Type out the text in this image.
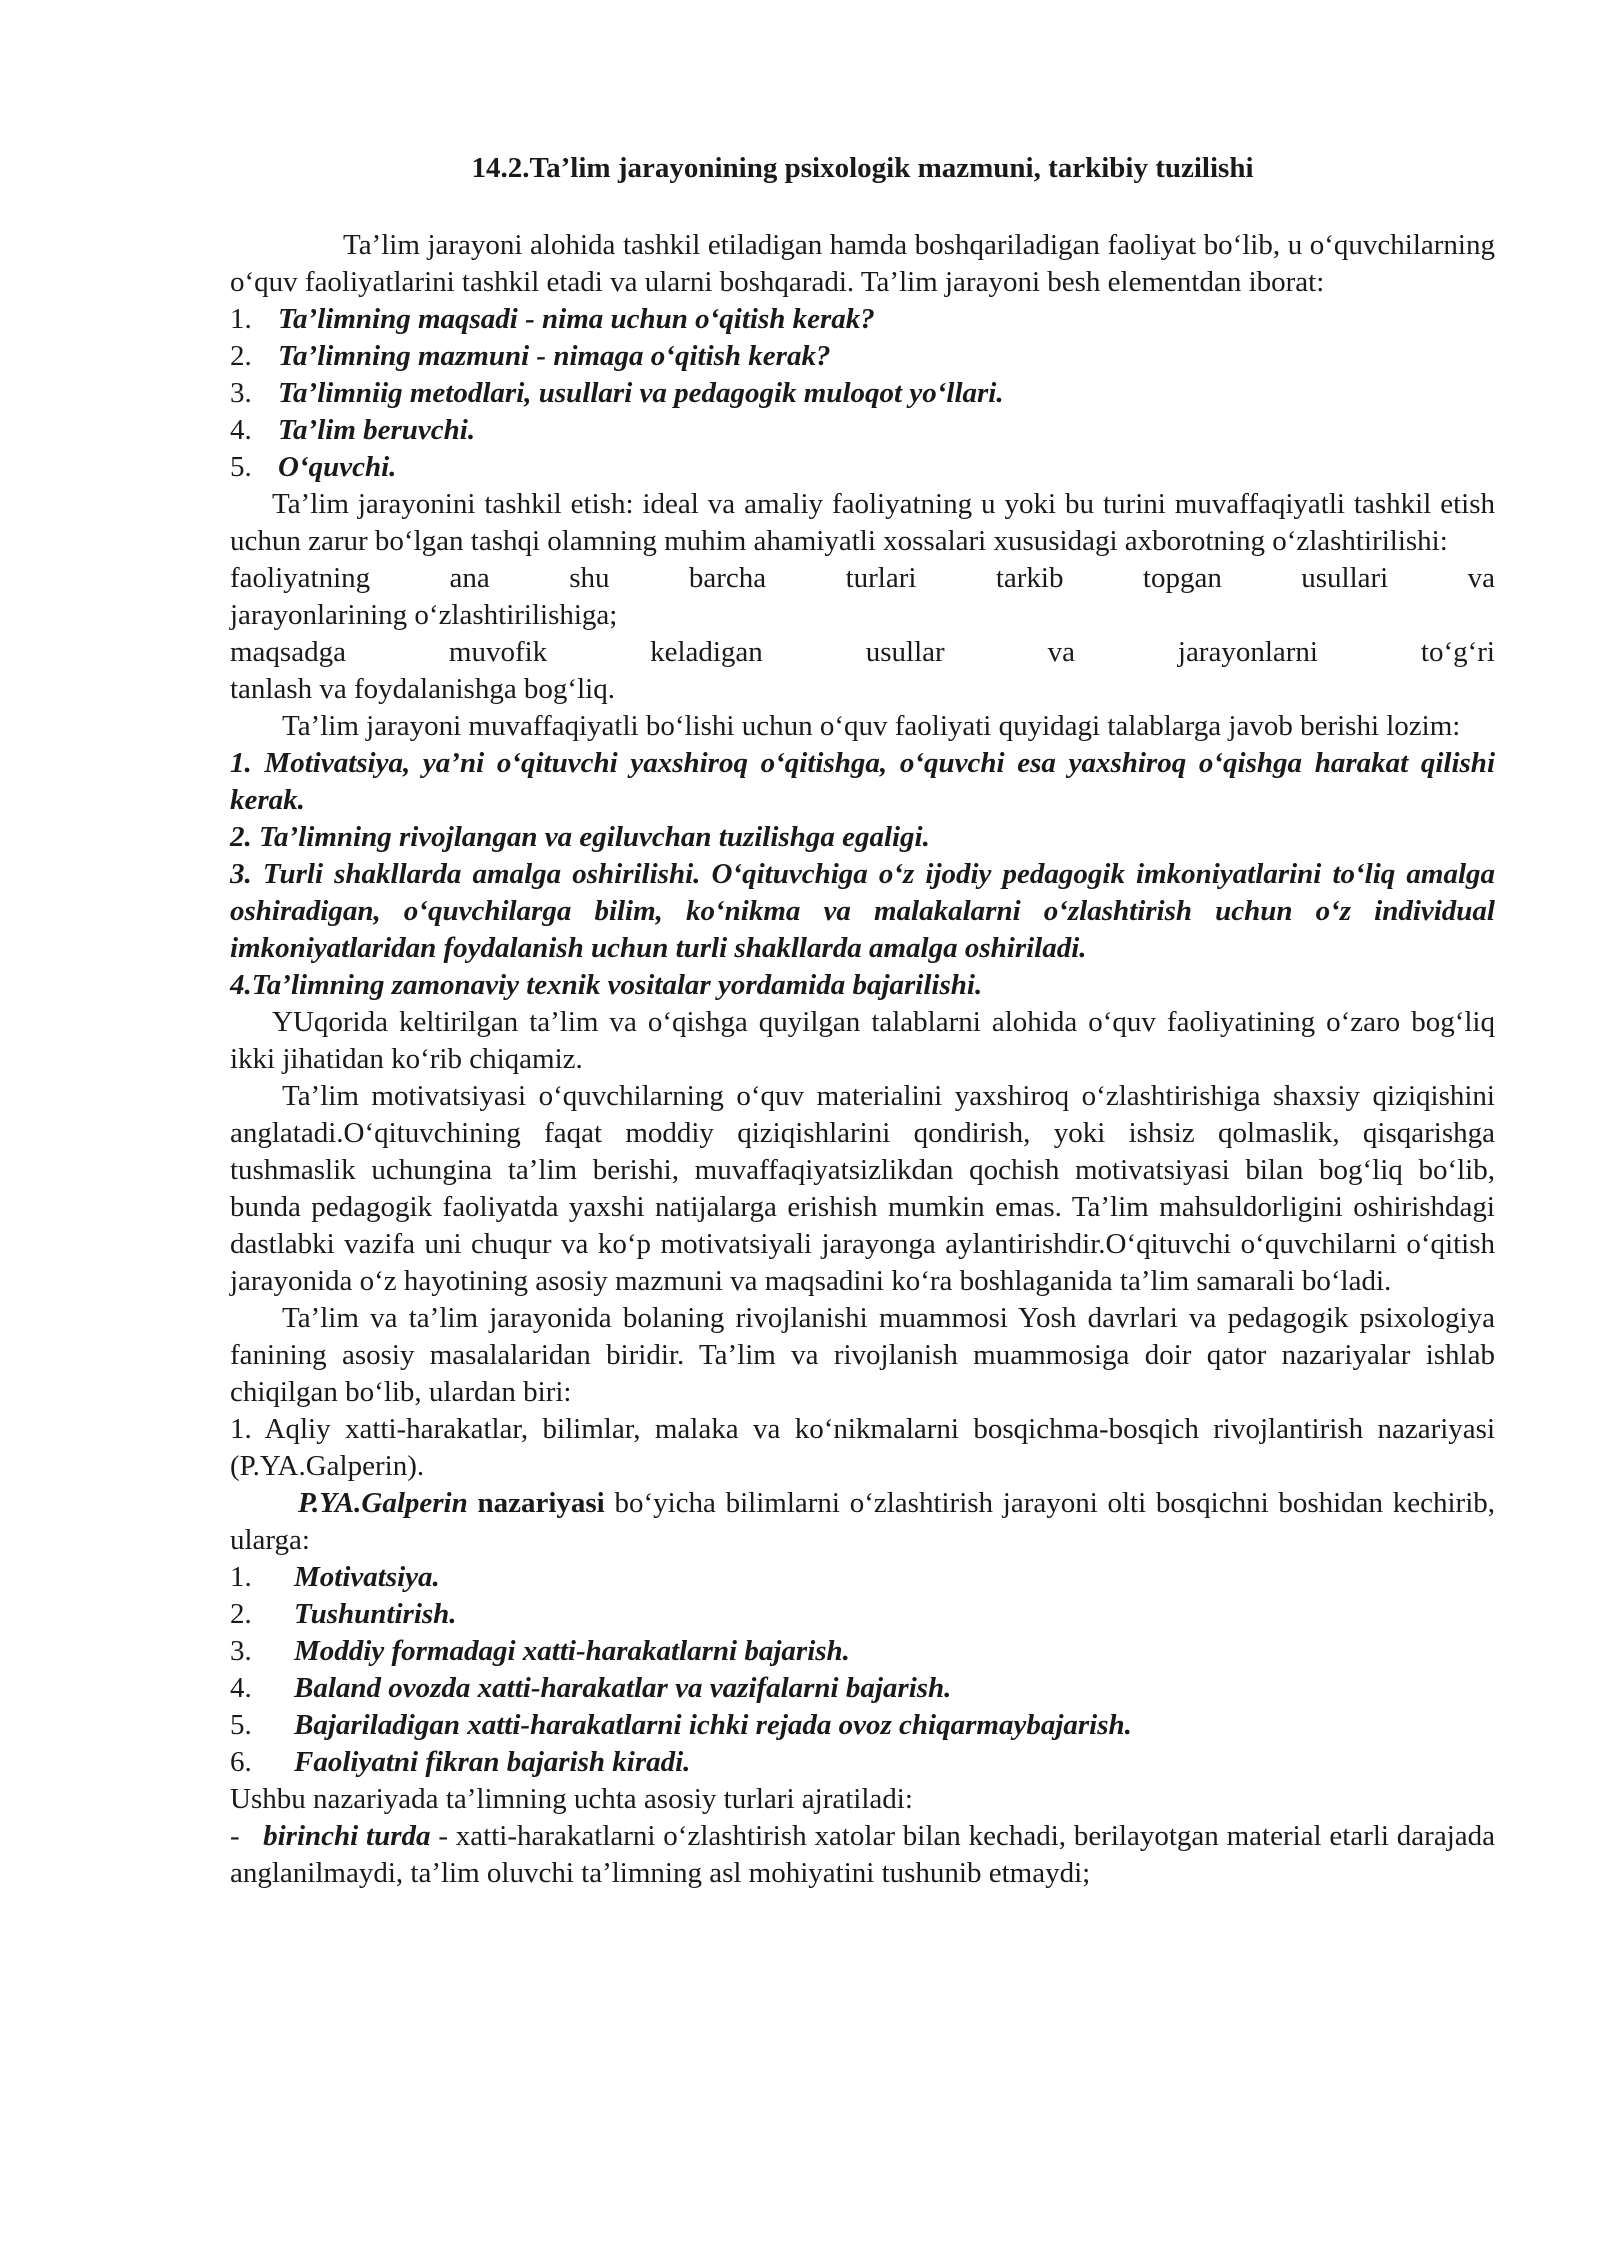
14.2.Ta’lim jarayonining psixologik mazmuni, tarkibiy tuzilishi

Ta’lim jarayoni alohida tashkil etiladigan hamda boshqariladigan faoliyat bo‘lib, u o‘quvchilarning o‘quv faoliyatlarini tashkil etadi va ularni boshqaradi. Ta’lim jarayoni besh elementdan iborat:

1. Ta’limning maqsadi - nima uchun o‘qitish kerak?
2. Ta’limning mazmuni - nimaga o‘qitish kerak?
3. Ta’limniig metodlari, usullari va pedagogik muloqot yo‘llari.
4. Ta’lim beruvchi.
5. O‘quvchi.

Ta’lim jarayonini tashkil etish: ideal va amaliy faoliyatning u yoki bu turini muvaffaqiyatli tashkil etish uchun zarur bo‘lgan tashqi olamning muhim ahamiyatli xossalari xususidagi axborotning o‘zlashtirilishi:

faoliyatning ana shu barcha turlari tarkib topgan usullari va

jarayonlarining o‘zlashtirilishiga;

maqsadga muvofik keladigan usullar va jarayonlarni to‘g‘ri

tanlash va foydalanishga bog‘liq.

Ta’lim jarayoni muvaffaqiyatli bo‘lishi uchun o‘quv faoliyati quyidagi talablarga javob berishi lozim:

1. Motivatsiya, ya’ni o‘qituvchi yaxshiroq o‘qitishga, o‘quvchi esa yaxshiroq o‘qishga harakat qilishi kerak.

2. Ta’limning rivojlangan va egiluvchan tuzilishga egaligi.

3. Turli shakllarda amalga oshirilishi. O‘qituvchiga o‘z ijodiy pedagogik imkoniyatlarini to‘liq amalga oshiradigan, o‘quvchilarga bilim, ko‘nikma va malakalarni o‘zlashtirish uchun o‘z individual imkoniyatlaridan foydalanish uchun turli shakllarda amalga oshiriladi.

4.Ta’limning zamonaviy texnik vositalar yordamida bajarilishi.

YUqorida keltirilgan ta’lim va o‘qishga quyilgan talablarni alohida o‘quv faoliyatining o‘zaro bog‘liq ikki jihatidan ko‘rib chiqamiz.

Ta’lim motivatsiyasi o‘quvchilarning o‘quv materialini yaxshiroq o‘zlashtirishiga shaxsiy qiziqishini anglatadi.O‘qituvchining faqat moddiy qiziqishlarini qondirish, yoki ishsiz qolmaslik, qisqarishga tushmaslik uchungina ta’lim berishi, muvaffaqiyatsizlikdan qochish motivatsiyasi bilan bog‘liq bo‘lib, bunda pedagogik faoliyatda yaxshi natijalarga erishish mumkin emas. Ta’lim mahsuldorligini oshirishdagi dastlabki vazifa uni chuqur va ko‘p motivatsiyali jarayonga aylantirishdir.O‘qituvchi o‘quvchilarni o‘qitish jarayonida o‘z hayotining asosiy mazmuni va maqsadini ko‘ra boshlaganida ta’lim samarali bo‘ladi.

Ta’lim va ta’lim jarayonida bolaning rivojlanishi muammosi Yosh davrlari va pedagogik psixologiya fanining asosiy masalalaridan biridir. Ta’lim va rivojlanish muammosiga doir qator nazariyalar ishlab chiqilgan bo‘lib, ulardan biri:

1. Aqliy xatti-harakatlar, bilimlar, malaka va ko‘nikmalarni bosqichma-bosqich rivojlantirish nazariyasi (P.YA.Galperin).

P.YA.Galperin nazariyasi bo‘yicha bilimlarni o‘zlashtirish jarayoni olti bosqichni boshidan kechirib, ularga:

1.	Motivatsiya.
2.	Tushuntirish.
3.	Moddiy formadagi xatti-harakatlarni bajarish.
4.	Baland ovozda xatti-harakatlar va vazifalarni bajarish.
5.	Bajariladigan xatti-harakatlarni ichki rejada ovoz chiqarmaybajarish.
6.	Faoliyatni fikran bajarish kiradi.

Ushbu nazariyada ta’limning uchta asosiy turlari ajratiladi:

- birinchi turda - xatti-harakatlarni o‘zlashtirish xatolar bilan kechadi, berilayotgan material etarli darajada anglanilmaydi, ta’lim oluvchi ta’limning asl mohiyatini tushunib etmaydi;
